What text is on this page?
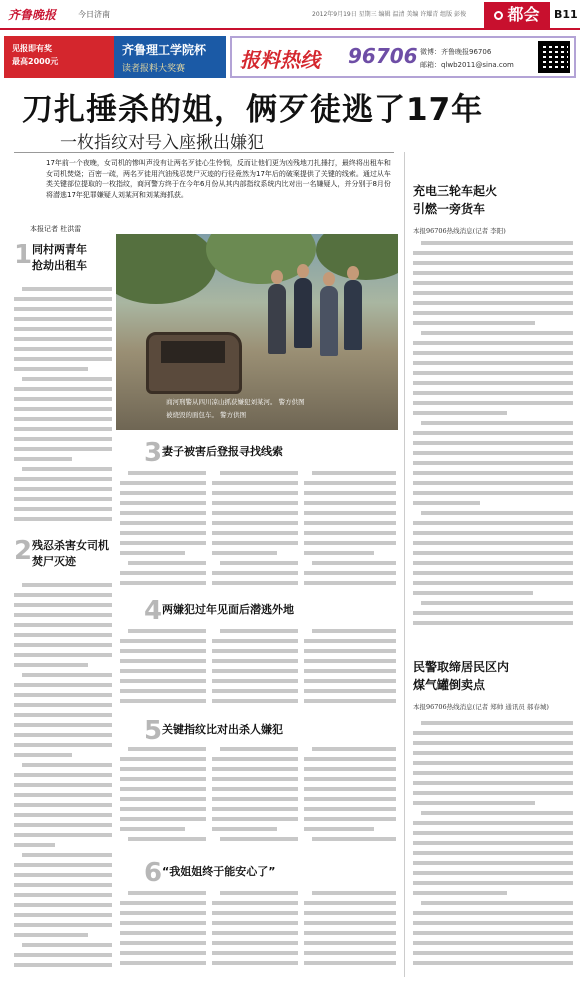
齐鲁晚报	今日济南	2012年9月19日 星期三 编辑 温清 美编 许耀青 组版 彭俊	都会	B11
见报即有奖
最高2000元
齐鲁理工学院杯
读者报料大奖赛	报料热线 96706 微博：齐鲁晚报96706
邮箱：qlwb2011@sina.com
刀扎捶杀的姐，俩歹徒逃了17年
一枚指纹对号入座揪出嫌犯
17年前一个夜晚，女司机的惨叫声没有让两名歹徒心生怜悯，反而让他们更为凶残地刀扎捶打，最终将出租车和女司机焚烧；百密一疏，两名歹徒用汽油残忍焚尸灭迹的行径竟然为17年后的破案提供了关键的线索。通过从车类关键部位提取的一枚指纹，商河警方终于在今年6月份从其内部指纹系统内比对出一名嫌疑人，并分别于8月份将潜逃17年犯罪嫌疑人刘某河和刘某海抓获。
本报记者 杜洪雷
1 同村两青年
抢劫出租车
2 残忍杀害女司机
焚尸灭迹
商河刑警从四川凉山抓获嫌犯刘某河。 警方供图
被烧毁的面包车。 警方供图
3 妻子被害后登报寻找线索
4 两嫌犯过年见面后潜逃外地
5 关键指纹比对出杀人嫌犯
6 “我姐姐终于能安心了”
充电三轮车起火
引燃一旁货车
本报96706热线消息(记者 李阳)
民警取缔居民区内
煤气罐倒卖点
本报96706热线消息(记者 郑帅 通讯员 郝春城)
